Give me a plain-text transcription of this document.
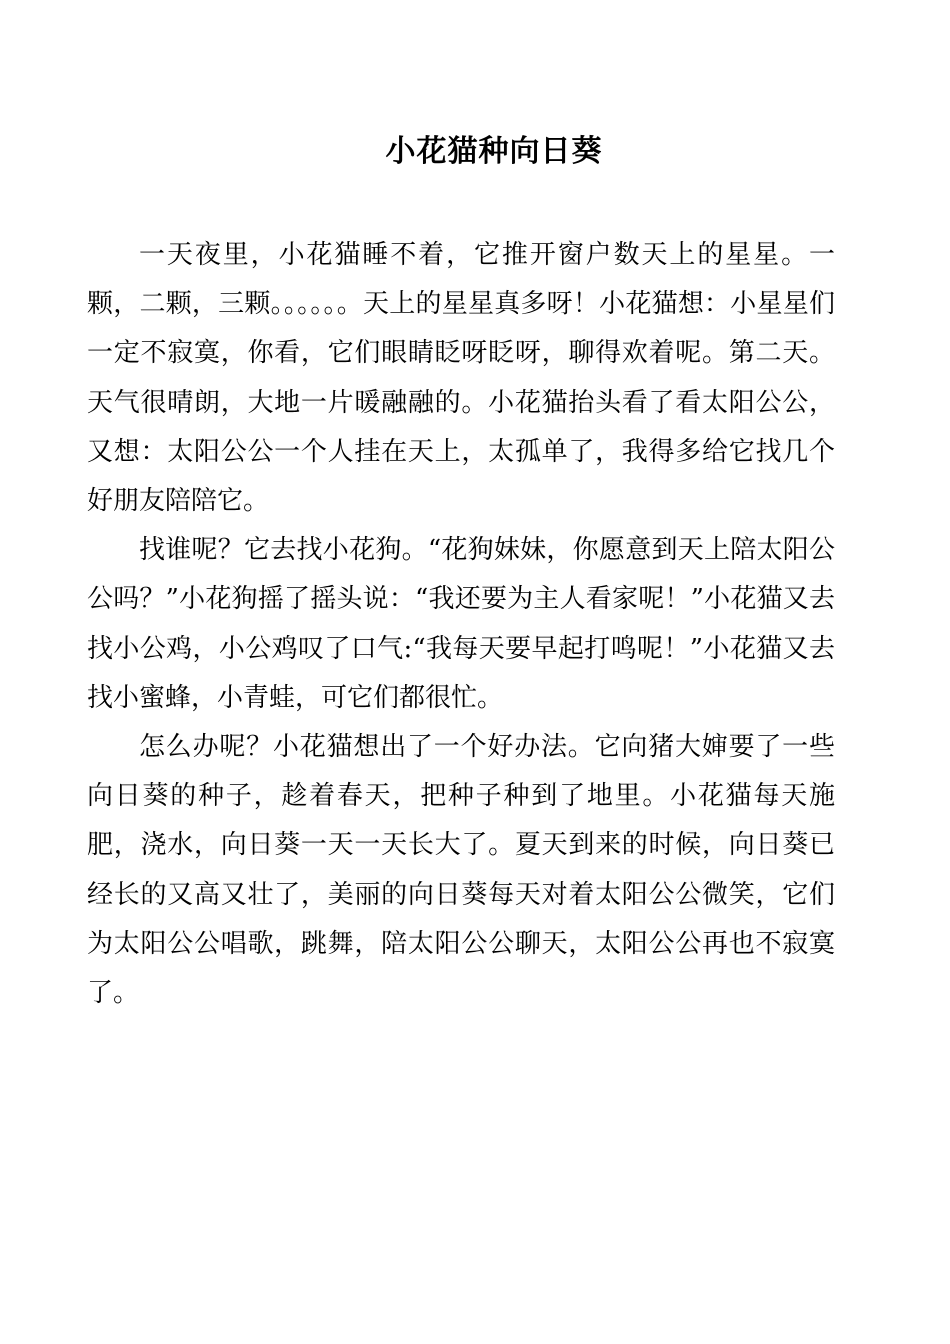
小花猫种向日葵

一天夜里，小花猫睡不着，它推开窗户数天上的星星。一颗，二颗，三颗。。。。。。天上的星星真多呀！小花猫想：小星星们一定不寂寞，你看，它们眼睛眨呀眨呀，聊得欢着呢。第二天。天气很晴朗，大地一片暖融融的。小花猫抬头看了看太阳公公，又想：太阳公公一个人挂在天上，太孤单了，我得多给它找几个好朋友陪陪它。

找谁呢？它去找小花狗。“花狗妹妹，你愿意到天上陪太阳公公吗？”小花狗摇了摇头说：“我还要为主人看家呢！”小花猫又去找小公鸡，小公鸡叹了口气:“我每天要早起打鸣呢！”小花猫又去找小蜜蜂，小青蛙，可它们都很忙。

怎么办呢？小花猫想出了一个好办法。它向猪大婶要了一些向日葵的种子，趁着春天，把种子种到了地里。小花猫每天施肥，浇水，向日葵一天一天长大了。夏天到来的时候，向日葵已经长的又高又壮了，美丽的向日葵每天对着太阳公公微笑，它们为太阳公公唱歌，跳舞，陪太阳公公聊天，太阳公公再也不寂寞了。
